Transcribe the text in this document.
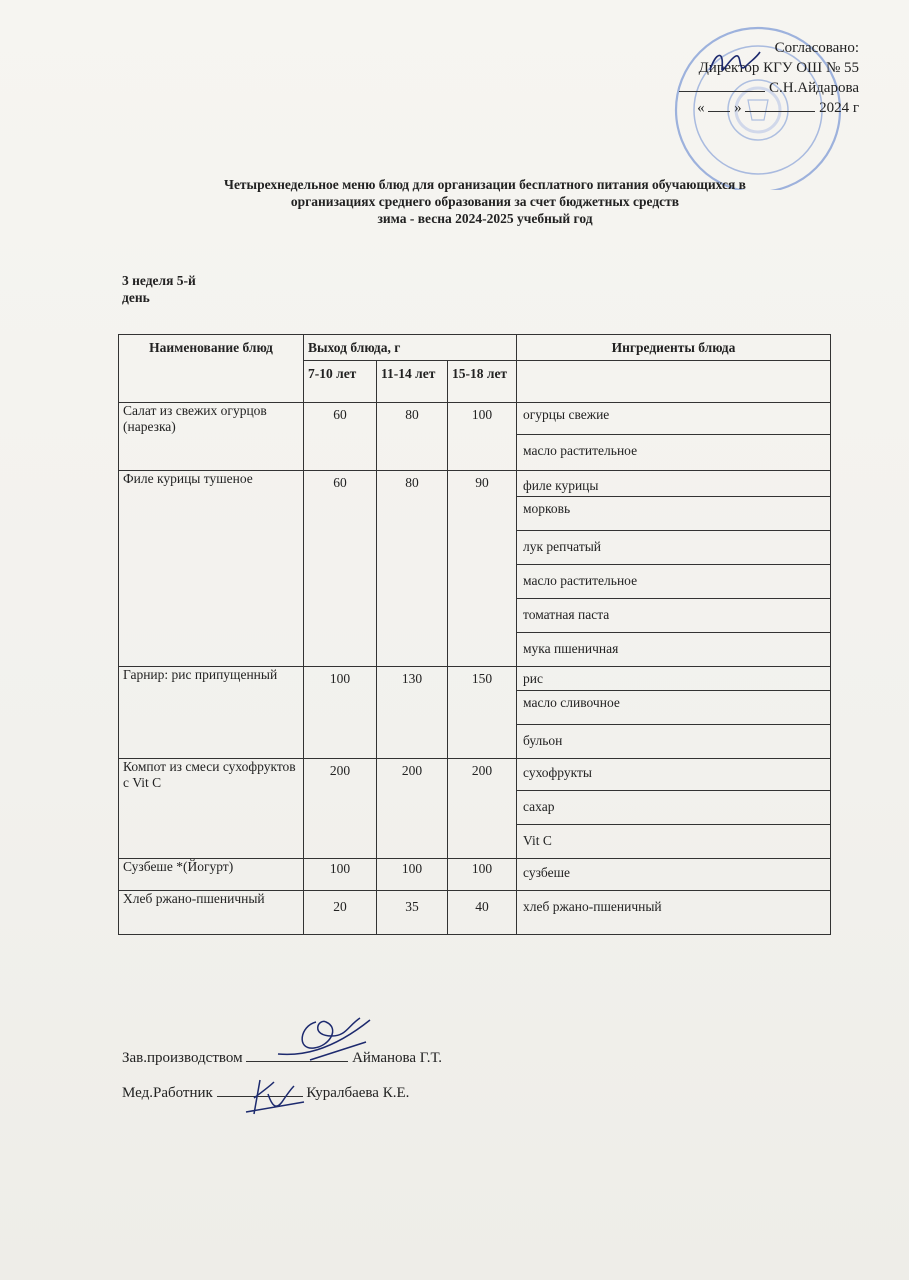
Согласовано:
Директор КГУ ОШ № 55
С.Н.Айдарова
« »	2024 г
Четырехнедельное меню блюд для организации бесплатного питания обучающихся в
организациях среднего образования за счет бюджетных средств
зима - весна 2024-2025 учебный год
3 неделя 5-й
день
Наименование блюд	Выход блюда, г			Ингредиенты блюда
	7-10 лет	11-14 лет	15-18 лет	
Салат из свежих огурцов (нарезка)	60	80	100	огурцы свежие
				масло растительное
Филе курицы тушеное	60	80	90	филе курицы
				морковь
				лук репчатый
				масло растительное
				томатная паста
				мука пшеничная
Гарнир: рис припущенный	100	130	150	рис
				масло сливочное
				бульон
Компот из смеси сухофруктов с Vit C	200	200	200	сухофрукты
				сахар
				Vit C
Сузбеше *(Йогурт)	100	100	100	сузбеше
Хлеб ржано-пшеничный	20	35	40	хлеб ржано-пшеничный
Зав.производством	Айманова Г.Т.
Мед.Работник	Куралбаева К.Е.
